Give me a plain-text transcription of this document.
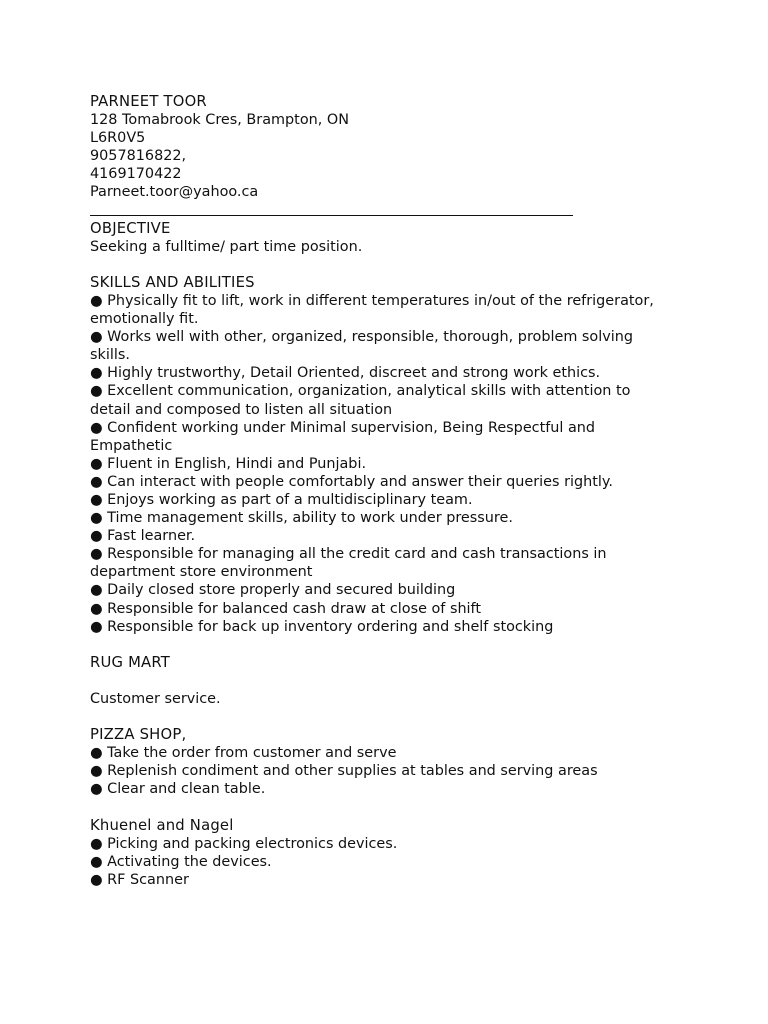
PARNEET TOOR

128 Tomabrook Cres, Brampton, ON

L6R0V5

9057816822,

4169170422

Parneet.toor@yahoo.ca

OBJECTIVE

Seeking a fulltime/ part time position.

SKILLS AND ABILITIES

● Physically fit to lift, work in different temperatures in/out of the refrigerator,

emotionally fit.

● Works well with other, organized, responsible, thorough, problem solving skills.

● Highly trustworthy, Detail Oriented, discreet and strong work ethics.

● Excellent communication, organization, analytical skills with attention to detail and composed to listen all situation

● Confident working under Minimal supervision, Being Respectful and Empathetic

● Fluent in English, Hindi and Punjabi.

● Can interact with people comfortably and answer their queries rightly.

● Enjoys working as part of a multidisciplinary team.

● Time management skills, ability to work under pressure.

● Fast learner.

● Responsible for managing all the credit card and cash transactions in department store environment

● Daily closed store properly and secured building

● Responsible for balanced cash draw at close of shift

● Responsible for back up inventory ordering and shelf stocking

RUG MART

Customer service.

PIZZA SHOP,

● Take the order from customer and serve

● Replenish condiment and other supplies at tables and serving areas

● Clear and clean table.

Khuenel and Nagel

● Picking and packing electronics devices.

● Activating the devices.

● RF Scanner
